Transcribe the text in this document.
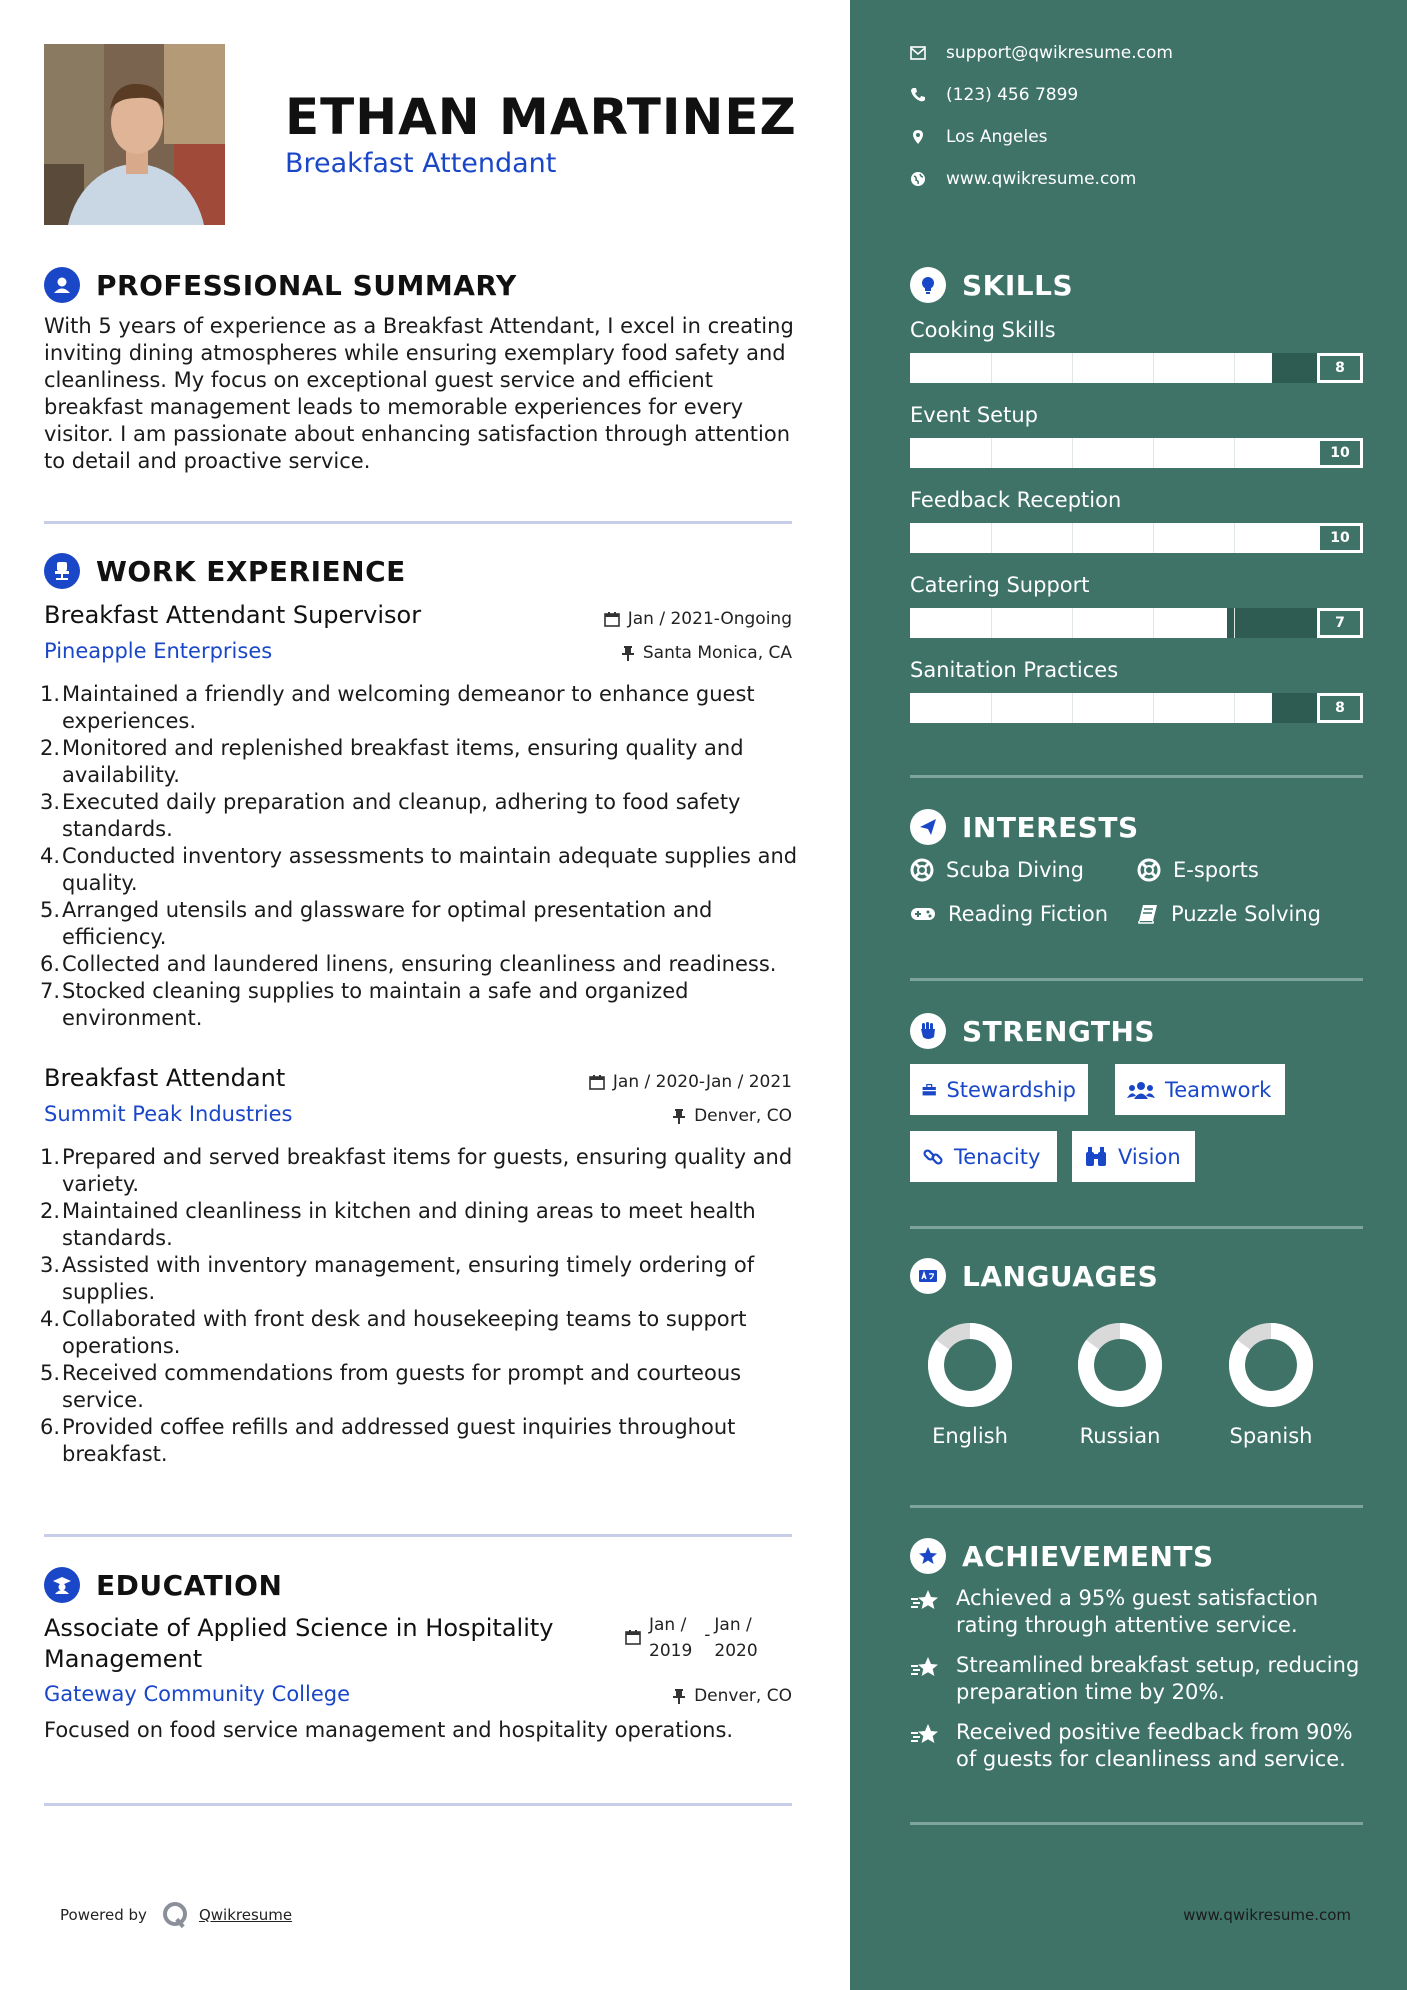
ETHAN MARTINEZ
Breakfast Attendant
PROFESSIONAL SUMMARY
With 5 years of experience as a Breakfast Attendant, I excel in creating inviting dining atmospheres while ensuring exemplary food safety and cleanliness. My focus on exceptional guest service and efficient breakfast management leads to memorable experiences for every visitor. I am passionate about enhancing satisfaction through attention to detail and proactive service.
WORK EXPERIENCE
Breakfast Attendant Supervisor	Jan / 2021-Ongoing
Pineapple Enterprises	Santa Monica, CA
1. Maintained a friendly and welcoming demeanor to enhance guest experiences.
2. Monitored and replenished breakfast items, ensuring quality and availability.
3. Executed daily preparation and cleanup, adhering to food safety standards.
4. Conducted inventory assessments to maintain adequate supplies and quality.
5. Arranged utensils and glassware for optimal presentation and efficiency.
6. Collected and laundered linens, ensuring cleanliness and readiness.
7. Stocked cleaning supplies to maintain a safe and organized environment.
Breakfast Attendant	Jan / 2020-Jan / 2021
Summit Peak Industries	Denver, CO
1. Prepared and served breakfast items for guests, ensuring quality and variety.
2. Maintained cleanliness in kitchen and dining areas to meet health standards.
3. Assisted with inventory management, ensuring timely ordering of supplies.
4. Collaborated with front desk and housekeeping teams to support operations.
5. Received commendations from guests for prompt and courteous service.
6. Provided coffee refills and addressed guest inquiries throughout breakfast.
EDUCATION
Associate of Applied Science in Hospitality Management
Jan /
2019
- Jan /
2020
Gateway Community College	Denver, CO
Focused on food service management and hospitality operations.
Powered by	Qwikresume
support@qwikresume.com
(123) 456 7899
Los Angeles
www.qwikresume.com
SKILLS
Cooking Skills
8
Event Setup
10
Feedback Reception
10
Catering Support
7
Sanitation Practices
8
INTERESTS
Scuba Diving	E-sports
Reading Fiction	Puzzle Solving
STRENGTHS
Stewardship	Teamwork
Tenacity	Vision
LANGUAGES
English	Russian	Spanish
ACHIEVEMENTS
Achieved a 95% guest satisfaction rating through attentive service.
Streamlined breakfast setup, reducing preparation time by 20%.
Received positive feedback from 90% of guests for cleanliness and service.
www.qwikresume.com
